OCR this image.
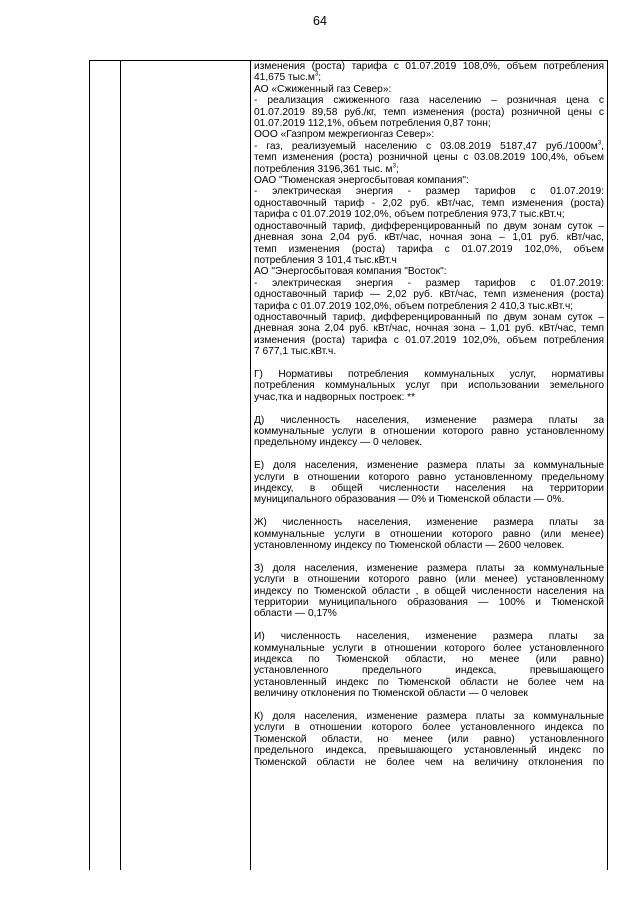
64
изменения (роста) тарифа с 01.07.2019 108,0%, объем потребления
41,675 $тыс.м^3$;
АО «Сжиженный газ Север»:
- реализация сжиженного газа населению – розничная цена с
01.07.2019 89,58 руб./кг, темп изменения (роста) розничной цены с
01.07.2019 112,1%, объем потребления 0,87 тонн;
ООО «Газпром межрегионгаз Север»:
- газ, реализуемый населению с 03.08.2019 5187,47 $руб./1000м^3$,
темп изменения (роста) розничной цены с 03.08.2019 100,4%, объем
потребления 3196,361 тыс. $м^3$;
ОАО "Тюменская энергосбытовая компания":
- электрическая энергия - размер тарифов с 01.07.2019:
одноставочный тариф - 2,02 руб. кВт/час, темп изменения (роста)
тарифа с 01.07.2019 102,0%, объем потребления 973,7 тыс.кВт.ч;
одноставочный тариф, дифференцированный по двум зонам суток –
дневная зона 2,04 руб. кВт/час, ночная зона – 1,01 руб. кВт/час,
темп изменения (роста) тарифа с 01.07.2019 102,0%, объем
потребления 3 101,4 тыс.кВт.ч
АО "Энергосбытовая компания "Восток":
- электрическая энергия - размер тарифов с 01.07.2019:
одноставочный тариф — 2,02 руб. кВт/час, темп изменения (роста)
тарифа с 01.07.2019 102,0%, объем потребления 2 410,3 тыс.кВт.ч;
одноставочный тариф, дифференцированный по двум зонам суток –
дневная зона 2,04 руб. кВт/час, ночная зона – 1,01 руб. кВт/час, темп
изменения (роста) тарифа с 01.07.2019 102,0%, объем потребления
7 677,1 тыс.кВт.ч.
Г) Нормативы потребления коммунальных услуг, нормативы
потребления коммунальных услуг при использовании земельного
учас,тка и надворных построек: **
Д) численность населения, изменение размера платы за
коммунальные услуги в отношении которого равно установленному
предельному индексу — 0 человек.
Е) доля населения, изменение размера платы за коммунальные
услуги в отношении которого равно установленному предельному
индексу, в общей численности населения на территории
муниципального образования — 0% и Тюменской области — 0%.
Ж) численность населения, изменение размера платы за
коммунальные услуги в отношении которого равно (или менее)
установленному индексу по Тюменской области — 2600 человек.
З) доля населения, изменение размера платы за коммунальные
услуги в отношении которого равно (или менее) установленному
индексу по Тюменской области , в общей численности населения на
территории муниципального образования — 100% и Тюменской
области — 0,17%
И) численность населения, изменение размера платы за
коммунальные услуги в отношении которого более установленного
индекса по Тюменской области, но менее (или равно)
установленного предельного индекса, превышающего
установленный индекс по Тюменской области не более чем на
величину отклонения по Тюменской области — 0 человек
К) доля населения, изменение размера платы за коммунальные
услуги в отношении которого более установленного индекса по
Тюменской области, но менее (или равно) установленного
предельного индекса, превышающего установленный индекс по
Тюменской области не более чем на величину отклонения по
